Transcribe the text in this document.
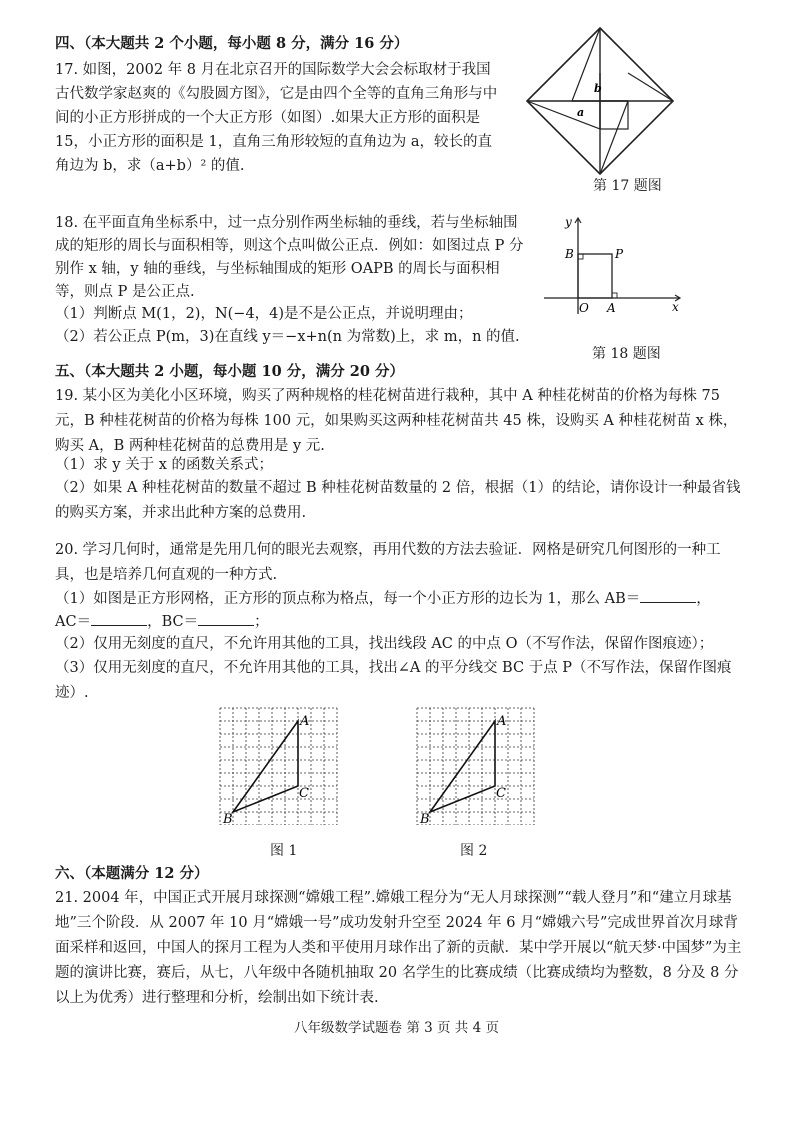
四、（本大题共 2 个小题，每小题 8 分，满分 16 分）
17. 如图，2002 年 8 月在北京召开的国际数学大会会标取材于我国古代数学家赵爽的《勾股圆方图》，它是由四个全等的直角三角形与中间的小正方形拼成的一个大正方形（如图）.如果大正方形的面积是 15，小正方形的面积是 1，直角三角形较短的直角边为 a，较长的直角边为 b，求（a+b）² 的值.
b
a
第 17 题图
18. 在平面直角坐标系中，过一点分别作两坐标轴的垂线，若与坐标轴围成的矩形的周长与面积相等，则这个点叫做公正点．例如：如图过点 P 分别作 x 轴，y 轴的垂线，与坐标轴围成的矩形 OAPB 的周长与面积相等，则点 P 是公正点.
（1）判断点 M(1，2)，N(−4，4)是不是公正点，并说明理由；
（2）若公正点 P(m，3)在直线 y＝−x+n(n 为常数)上，求 m，n 的值.
y
x
B	P
O A
第 18 题图
五、（本大题共 2 小题，每小题 10 分，满分 20 分）
19. 某小区为美化小区环境，购买了两种规格的桂花树苗进行栽种，其中 A 种桂花树苗的价格为每株 75 元，B 种桂花树苗的价格为每株 100 元，如果购买这两种桂花树苗共 45 株，设购买 A 种桂花树苗 x 株，购买 A，B 两种桂花树苗的总费用是 y 元.
（1）求 y 关于 x 的函数关系式；
（2）如果 A 种桂花树苗的数量不超过 B 种桂花树苗数量的 2 倍，根据（1）的结论，请你设计一种最省钱的购买方案，并求出此种方案的总费用.
20. 学习几何时，通常是先用几何的眼光去观察，再用代数的方法去验证．网格是研究几何图形的一种工具，也是培养几何直观的一种方式.
（1）如图是正方形网格，正方形的顶点称为格点，每一个小正方形的边长为 1，那么 AB＝	，
AC＝	，BC＝	；
（2）仅用无刻度的直尺，不允许用其他的工具，找出线段 AC 的中点 O（不写作法，保留作图痕迹）；
（3）仅用无刻度的直尺，不允许用其他的工具，找出∠A 的平分线交 BC 于点 P（不写作法，保留作图痕迹）.
A
B
C
图 1
A
B
C
图 2
六、（本题满分 12 分）
21. 2004 年，中国正式开展月球探测“嫦娥工程”.嫦娥工程分为“无人月球探测”“载人登月”和“建立月球基地”三个阶段．从 2007 年 10 月“嫦娥一号”成功发射升空至 2024 年 6 月“嫦娥六号”完成世界首次月球背面采样和返回，中国人的探月工程为人类和平使用月球作出了新的贡献．某中学开展以“航天梦·中国梦”为主题的演讲比赛，赛后，从七，八年级中各随机抽取 20 名学生的比赛成绩（比赛成绩均为整数，8 分及 8 分以上为优秀）进行整理和分析，绘制出如下统计表.
八年级数学试题卷 第 3 页 共 4 页
